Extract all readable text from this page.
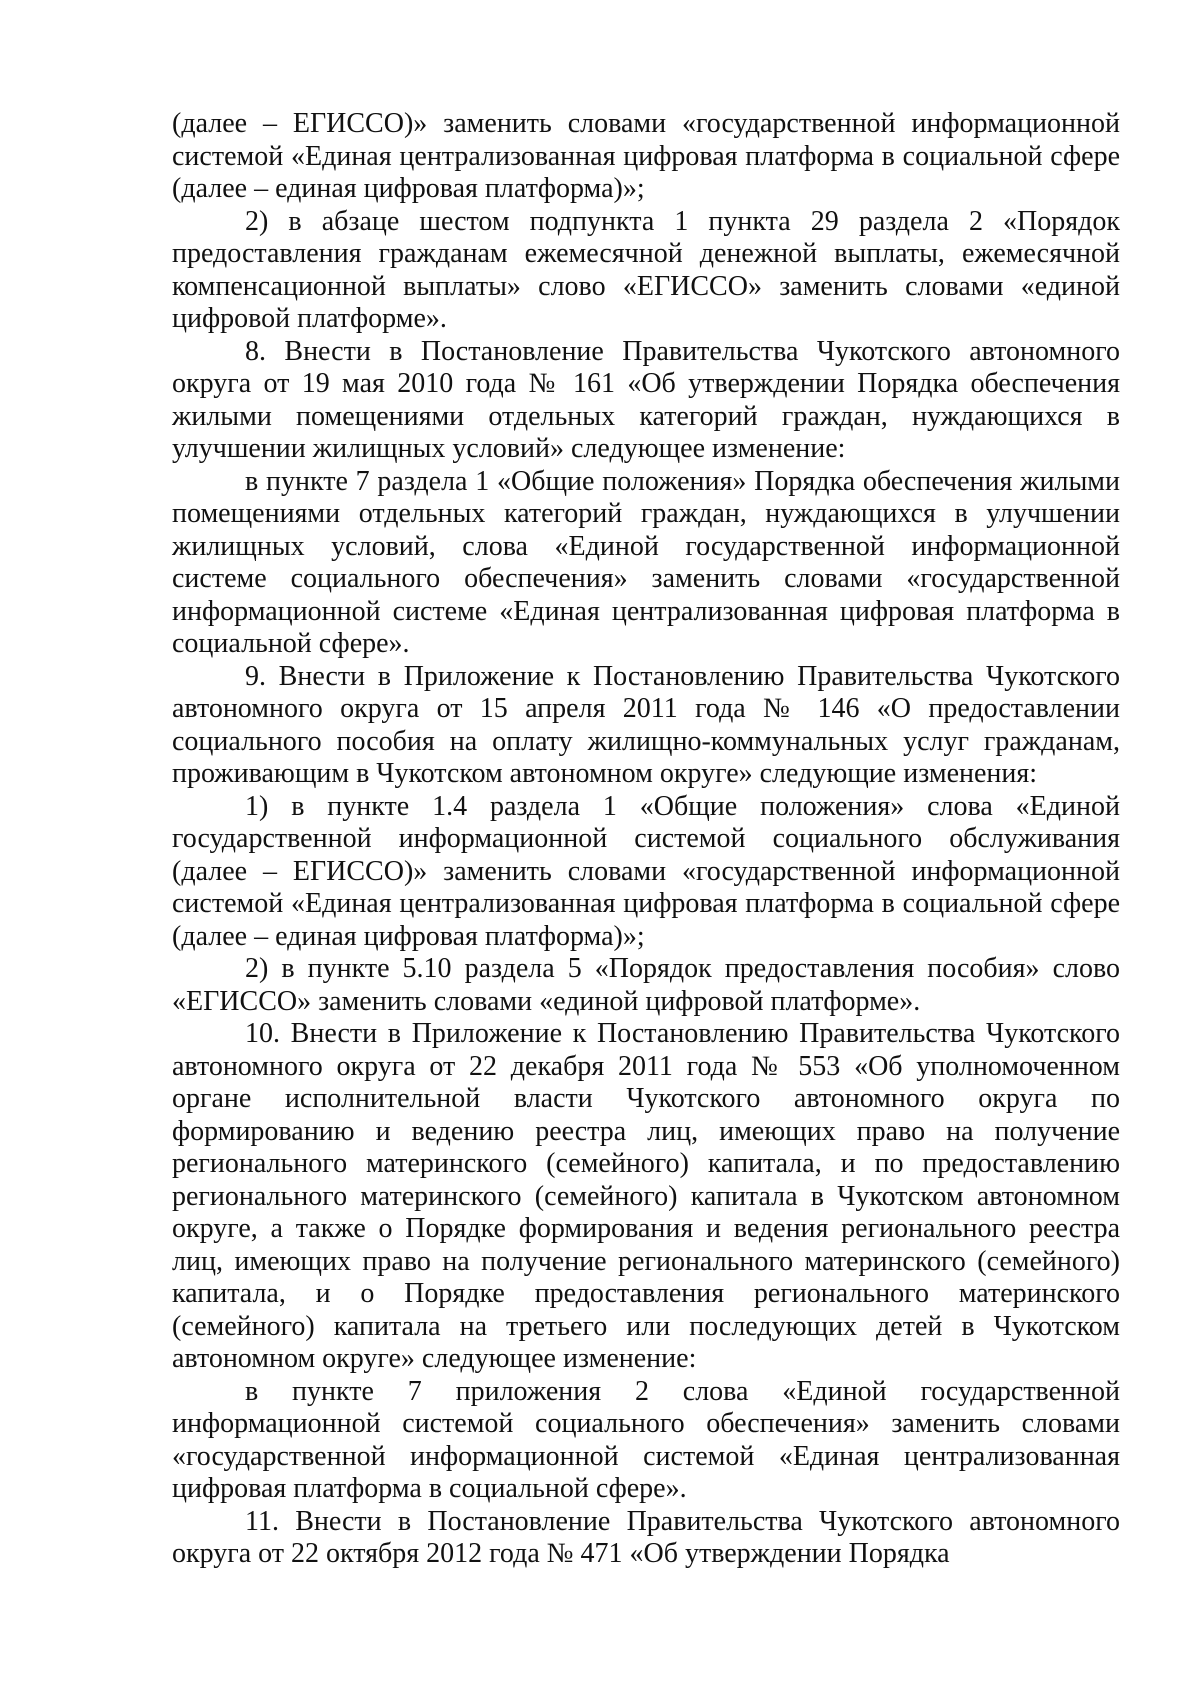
(далее – ЕГИССО)» заменить словами «государственной информационной системой «Единая централизованная цифровая платформа в социальной сфере (далее – единая цифровая платформа)»;

2) в абзаце шестом подпункта 1 пункта 29 раздела 2 «Порядок предоставления гражданам ежемесячной денежной выплаты, ежемесячной компенсационной выплаты» слово «ЕГИССО» заменить словами «единой цифровой платформе».

8. Внести в Постановление Правительства Чукотского автономного округа от 19 мая 2010 года № 161 «Об утверждении Порядка обеспечения жилыми помещениями отдельных категорий граждан, нуждающихся в улучшении жилищных условий» следующее изменение:

в пункте 7 раздела 1 «Общие положения» Порядка обеспечения жилыми помещениями отдельных категорий граждан, нуждающихся в улучшении жилищных условий, слова «Единой государственной информационной системе социального обеспечения» заменить словами «государственной информационной системе «Единая централизованная цифровая платформа в социальной сфере».

9. Внести в Приложение к Постановлению Правительства Чукотского автономного округа от 15 апреля 2011 года № 146 «О предоставлении социального пособия на оплату жилищно-коммунальных услуг гражданам, проживающим в Чукотском автономном округе» следующие изменения:

1) в пункте 1.4 раздела 1 «Общие положения» слова «Единой государственной информационной системой социального обслуживания (далее – ЕГИССО)» заменить словами «государственной информационной системой «Единая централизованная цифровая платформа в социальной сфере (далее – единая цифровая платформа)»;

2) в пункте 5.10 раздела 5 «Порядок предоставления пособия» слово «ЕГИССО» заменить словами «единой цифровой платформе».

10. Внести в Приложение к Постановлению Правительства Чукотского автономного округа от 22 декабря 2011 года № 553 «Об уполномоченном органе исполнительной власти Чукотского автономного округа по формированию и ведению реестра лиц, имеющих право на получение регионального материнского (семейного) капитала, и по предоставлению регионального материнского (семейного) капитала в Чукотском автономном округе, а также о Порядке формирования и ведения регионального реестра лиц, имеющих право на получение регионального материнского (семейного) капитала, и о Порядке предоставления регионального материнского (семейного) капитала на третьего или последующих детей в Чукотском автономном округе» следующее изменение:

в пункте 7 приложения 2 слова «Единой государственной информационной системой социального обеспечения» заменить словами «государственной информационной системой «Единая централизованная цифровая платформа в социальной сфере».

11. Внести в Постановление Правительства Чукотского автономного округа от 22 октября 2012 года № 471 «Об утверждении Порядка
